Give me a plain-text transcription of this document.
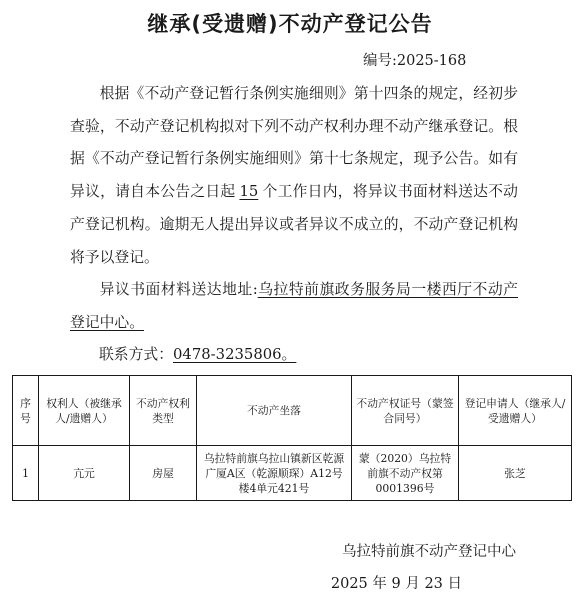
继承(受遗赠)不动产登记公告
编号:2025-168

根据《不动产登记暂行条例实施细则》第十四条的规定，经初步查验，不动产登记机构拟对下列不动产权利办理不动产继承登记。根据《不动产登记暂行条例实施细则》第十七条规定，现予公告。如有异议，请自本公告之日起 15 个工作日内，将异议书面材料送达不动产登记机构。逾期无人提出异议或者异议不成立的，不动产登记机构将予以登记。

异议书面材料送达地址:乌拉特前旗政务服务局一楼西厅不动产登记中心。

联系方式：0478-3235806。
序号	权利人（被继承人/遗赠人）	不动产权利类型	不动产坐落	不动产权证号（蒙签合同号）	登记申请人（继承人/受遗赠人）
1	亢元	房屋	乌拉特前旗乌拉山镇新区乾源广厦A区（乾源顺琛）A12号楼4单元421号	蒙（2020）乌拉特前旗不动产权第0001396号	张芝
乌拉特前旗不动产登记中心
2025 年 9 月 23 日
